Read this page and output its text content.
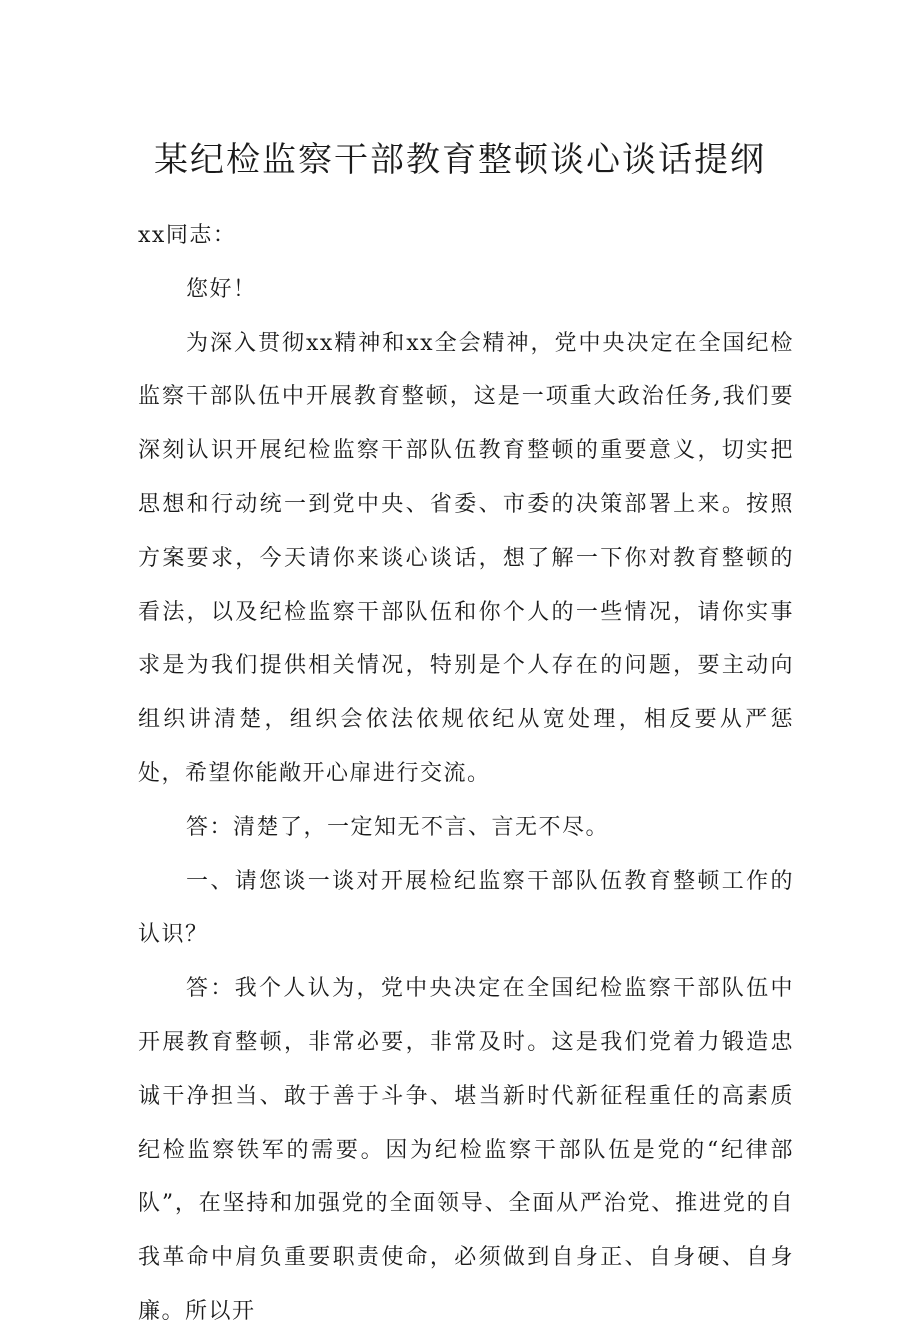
某纪检监察干部教育整顿谈心谈话提纲

xx同志：

您好！

为深入贯彻xx精神和xx全会精神，党中央决定在全国纪检监察干部队伍中开展教育整顿，这是一项重大政治任务,我们要深刻认识开展纪检监察干部队伍教育整顿的重要意义，切实把思想和行动统一到党中央、省委、市委的决策部署上来。按照方案要求，今天请你来谈心谈话，想了解一下你对教育整顿的看法，以及纪检监察干部队伍和你个人的一些情况，请你实事求是为我们提供相关情况，特别是个人存在的问题，要主动向组织讲清楚，组织会依法依规依纪从宽处理，相反要从严惩处，希望你能敞开心扉进行交流。

答：清楚了，一定知无不言、言无不尽。

一、请您谈一谈对开展检纪监察干部队伍教育整顿工作的认识？

答：我个人认为，党中央决定在全国纪检监察干部队伍中开展教育整顿，非常必要，非常及时。这是我们党着力锻造忠诚干净担当、敢于善于斗争、堪当新时代新征程重任的高素质纪检监察铁军的需要。因为纪检监察干部队伍是党的“纪律部队”，在坚持和加强党的全面领导、全面从严治党、推进党的自我革命中肩负重要职责使命，必须做到自身正、自身硬、自身廉。所以开
